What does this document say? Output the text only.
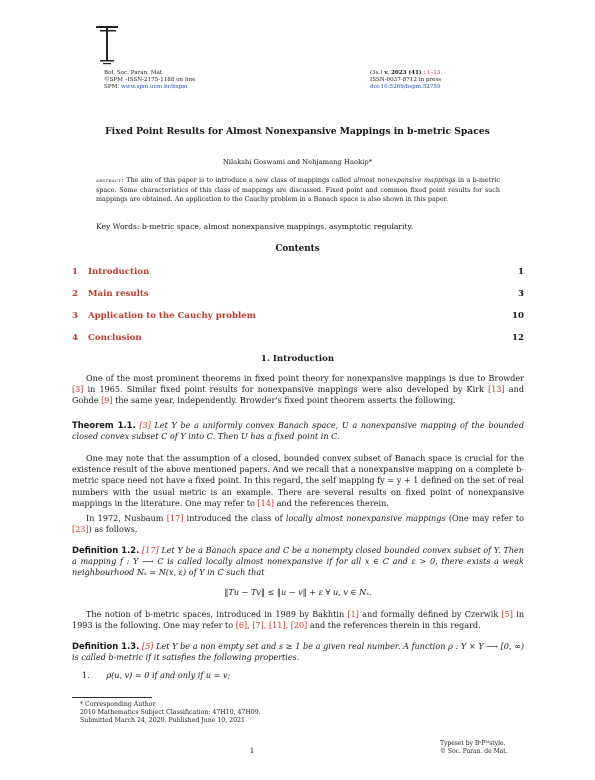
Bol. Soc. Paran. Mat.
©SPM –ISSN-2175-1188 on line
SPM: www.spm.uem.br/bspm
(3s.) v. 2023 (41) : 1–13.
ISSN-0037-8712 in press
doi:10.5269/bspm.52759
Fixed Point Results for Almost Nonexpansive Mappings in b-metric Spaces
Nilakshi Goswami and Nehjamang Haokip*
abstract: The aim of this paper is to introduce a new class of mappings called almost nonexpansive mappings in a b-metric space. Some characteristics of this class of mappings are discussed. Fixed point and common fixed point results for such mappings are obtained. An application to the Cauchy problem in a Banach space is also shown in this paper.
Key Words: b-metric space, almost nonexpansive mappings, asymptotic regularity.
Contents
1 Introduction	1
2 Main results	3
3 Application to the Cauchy problem	10
4 Conclusion	12
1. Introduction

One of the most prominent theorems in fixed point theory for nonexpansive mappings is due to Browder [3] in 1965. Similar fixed point results for nonexpansive mappings were also developed by Kirk [13] and Gohde [9] the same year, independently. Browder's fixed point theorem asserts the following.

Theorem 1.1. [3] Let Y be a uniformly convex Banach space, U a nonexpansive mapping of the bounded closed convex subset C of Y into C. Then U has a fixed point in C.

One may note that the assumption of a closed, bounded convex subset of Banach space is crucial for the existence result of the above mentioned papers. And we recall that a nonexpansive mapping on a complete b-metric space need not have a fixed point. In this regard, the self mapping fy = y + 1 defined on the set of real numbers with the usual metric is an example. There are several results on fixed point of nonexpansive mappings in the literature. One may refer to [14] and the references therein.

In 1972, Nusbaum [17] introduced the class of locally almost nonexpansive mappings (One may refer to [23]) as follows.

Definition 1.2. [17] Let Y be a Banach space and C be a nonempty closed bounded convex subset of Y. Then a mapping f : Y ⟶ C is called locally almost nonexpansive if for all x ∈ C and ε > 0, there exists a weak neighbourhood Nₓ = N(x, ε) of Y in C such that

‖Tu − Tv‖ ≤ ‖u − v‖ + ε ∀ u, v ∈ Nₓ.

The notion of b-metric spaces, introduced in 1989 by Bakhtin [1] and formally defined by Czerwik [5] in 1993 is the following. One may refer to [6], [7], [11], [20] and the references therein in this regard.

Definition 1.3. [5] Let Y be a non empty set and s ≥ 1 be a given real number. A function ρ : Y × Y ⟶ [0, ∞) is called b-metric if it satisfies the following properties.

1. ρ(u, v) = 0 if and only if u = v;

* Corresponding Author
2010 Mathematics Subject Classification: 47H10, 47H09.
Submitted March 24, 2020. Published June 10, 2021
1
Typeset by BˢPᴹstyle.
© Soc. Paran. de Mat.
